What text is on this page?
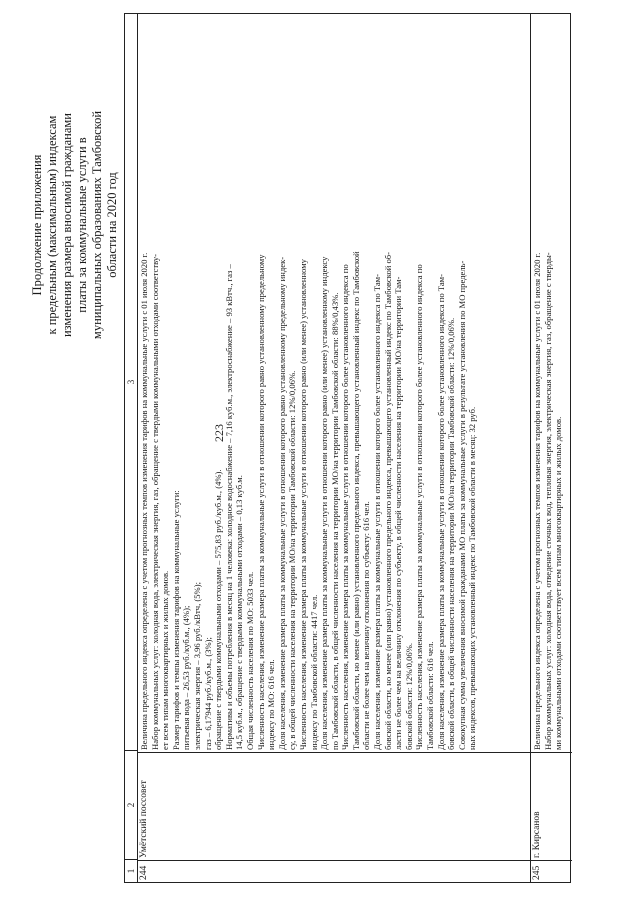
223
Продолжение приложения к предельным (максимальным) индексам изменения размера вносимой гражданами платы за коммунальные услуги в муниципальных образованиях Тамбовской области на 2020 год
1
2
3
244
Умётский поссовет
Величина предельного индекса определена с учетом прогнозных темпов изменения тарифов на коммунальные услуги с 01 июля 2020 г. Набор коммунальных услуг: холодная вода, электрическая энергия, газ, обращение с твердыми коммунальными отходами соответству- ет всем типам многоквартирных и жилых домов. Размер тарифов и темпы изменения тарифов на коммунальные услуги: питьевая вода – 26,53 руб./куб.м., (4%); электрическая энергия – 3,96 руб./кВтч, (5%); газ – 6,17944 руб./куб.м., (3%); обращение с твердыми коммунальными отходами – 575,83 руб./куб.м., (4%). Нормативы и объемы потребления в месяц на 1 человека: холодное водоснабжение – 7,16 куб.м., электроснабжение – 93 кВтч., газ – 14,5 куб.м., обращение с твердыми коммунальными отходами – 0,13 куб.м. Общая численность населения по МО: 5033 чел. Численность населения, изменение размера платы за коммунальные услуги в отношении которого равно установленному предельному индексу по МО: 616 чел. Доля населения, изменение размера платы за коммунальные услуги в отношении которого равно установленному предельному индек- су, в общей численности населения на территории МО/на территории Тамбовской области: 12%/0,06%. Численность населения, изменение размера платы за коммунальные услуги в отношении которого равно (или менее) установленному индексу по Тамбовской области: 4417 чел. Доля населения, изменение размера платы за коммунальные услуги в отношении которого равно (или менее) установленному индексу по Тамбовской области, в общей численности населения на территории МО/на территории Тамбовской области: 88%/0,43%. Численность населения, изменение размера платы за коммунальные услуги в отношении которого более установленного индекса по Тамбовской области, но менее (или равно) установленного предельного индекса, превышающего установленный индекс по Тамбовской области не более чем на величину отклонения по субъекту: 616 чел. Доля населения, изменение размера платы за коммунальные услуги в отношении которого более установленного индекса по Там- бовской области, но менее (или равно) установленного предельного индекса, превышающего установленный индекс по Тамбовской об- ласти не более чем на величину отклонения по субъекту, в общей численности населения на территории МО/на территории Там- бовской области: 12%/0,06%. Численность населения, изменение размера платы за коммунальные услуги в отношении которого более установленного индекса по Тамбовской области: 616 чел. Доля населения, изменение размера платы за коммунальные услуги в отношении которого более установленного индекса по Там- бовской области, в общей численности населения на территории МО/на территории Тамбовской области: 12%/0,06%. Совокупная сумма увеличения вносимой гражданами МО платы за коммунальные услуги в результате установления по МО предель- ных индексов, превышающих установленный индекс по Тамбовской области в месяц: 32 руб.
245
г. Кирсанов
Величина предельного индекса определена с учетом прогнозных темпов изменения тарифов на коммунальные услуги с 01 июля 2020 г. Набор коммунальных услуг: холодная вода, отведение сточных вод, тепловая энергия, электрическая энергия, газ, обращение с тверды- ми коммунальными отходами соответствует всем типам многоквартирных и жилых домов.
